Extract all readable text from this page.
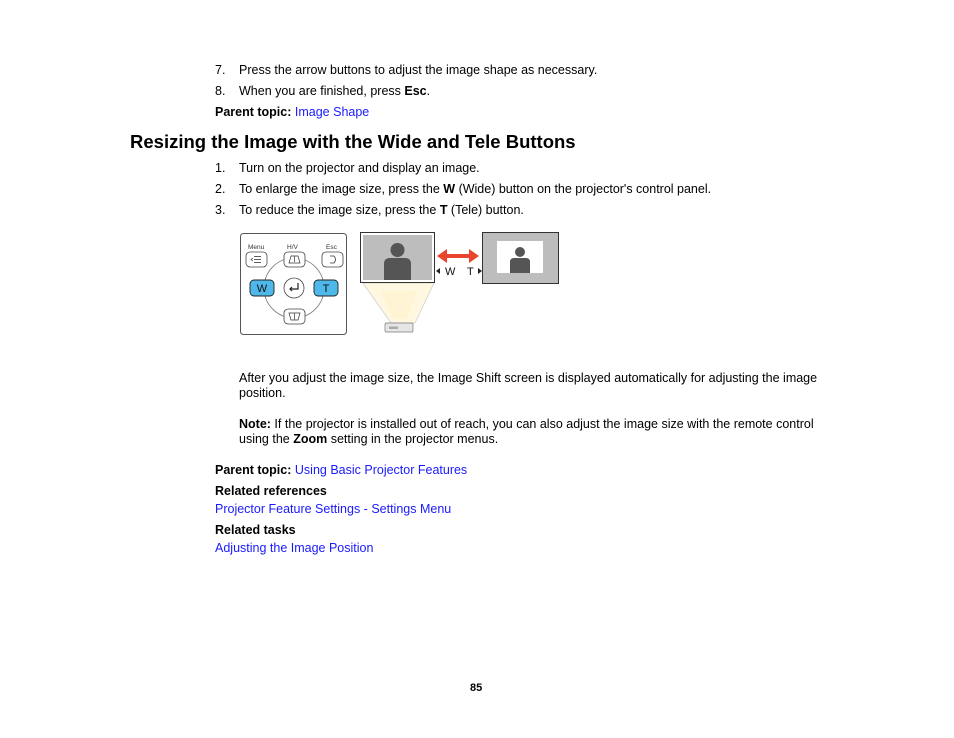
7. Press the arrow buttons to adjust the image shape as necessary.
8. When you are finished, press Esc.
Parent topic: Image Shape
Resizing the Image with the Wide and Tele Buttons
1. Turn on the projector and display an image.
2. To enlarge the image size, press the W (Wide) button on the projector's control panel.
3. To reduce the image size, press the T (Tele) button.
Menu	H/V	Esc
W	T
W T
After you adjust the image size, the Image Shift screen is displayed automatically for adjusting the image position.
Note: If the projector is installed out of reach, you can also adjust the image size with the remote control using the Zoom setting in the projector menus.
Parent topic: Using Basic Projector Features
Related references
Projector Feature Settings - Settings Menu
Related tasks
Adjusting the Image Position
85
